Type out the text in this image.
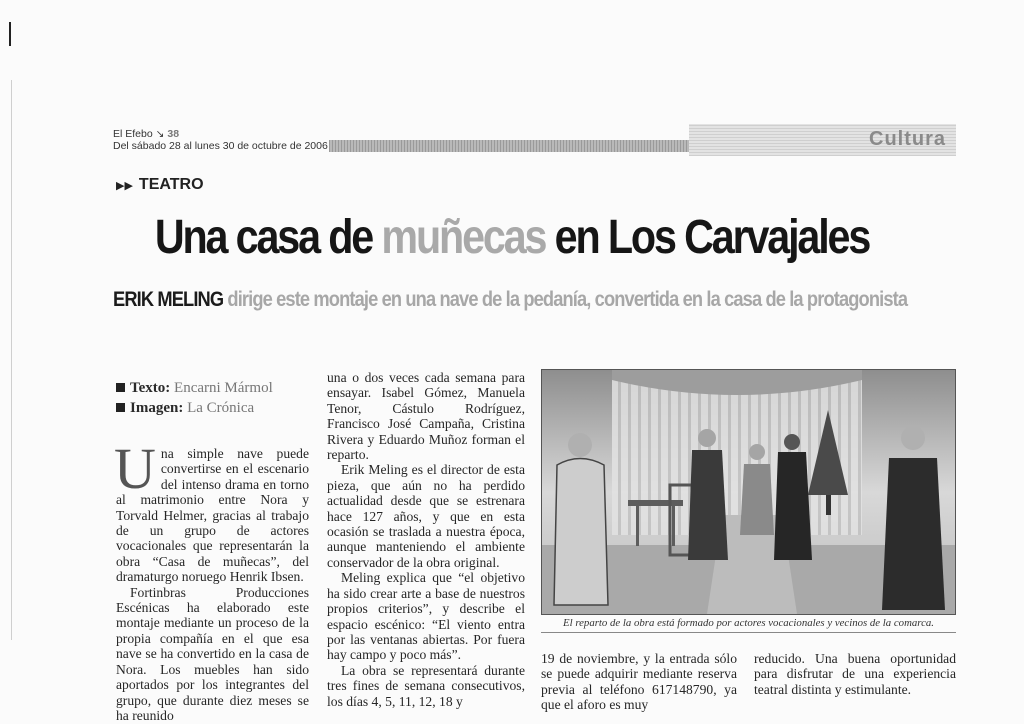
El Efebo ↘ 38
Del sábado 28 al lunes 30 de octubre de 2006	Cultura
▶▶ TEATRO
Una casa de muñecas en Los Carvajales
ERIK MELING dirige este montaje en una nave de la pedanía, convertida en la casa de la protagonista
Texto: Encarni Mármol
Imagen: La Crónica

Una simple nave puede convertirse en el escenario del intenso drama en torno al matrimonio entre Nora y Torvald Helmer, gracias al trabajo de un grupo de actores vocacionales que representarán la obra “Casa de muñecas”, del dramaturgo noruego Henrik Ibsen.

Fortinbras Producciones Escénicas ha elaborado este montaje mediante un proceso de la propia compañía en el que esa nave se ha convertido en la casa de Nora. Los muebles han sido aportados por los integrantes del grupo, que durante diez meses se ha reunido

una o dos veces cada semana para ensayar. Isabel Gómez, Manuela Tenor, Cástulo Rodríguez, Francisco José Campaña, Cristina Rivera y Eduardo Muñoz forman el reparto.

Erik Meling es el director de esta pieza, que aún no ha perdido actualidad desde que se estrenara hace 127 años, y que en esta ocasión se traslada a nuestra época, aunque manteniendo el ambiente conservador de la obra original.

Meling explica que “el objetivo ha sido crear arte a base de nuestros propios criterios”, y describe el espacio escénico: “El viento entra por las ventanas abiertas. Por fuera hay campo y poco más”.

La obra se representará durante tres fines de semana consecutivos, los días 4, 5, 11, 12, 18 y

19 de noviembre, y la entrada sólo se puede adquirir mediante reserva previa al teléfono 617148790, ya que el aforo es muy

reducido. Una buena oportunidad para disfrutar de una experiencia teatral distinta y estimulante.

El reparto de la obra está formado por actores vocacionales y vecinos de la comarca.
